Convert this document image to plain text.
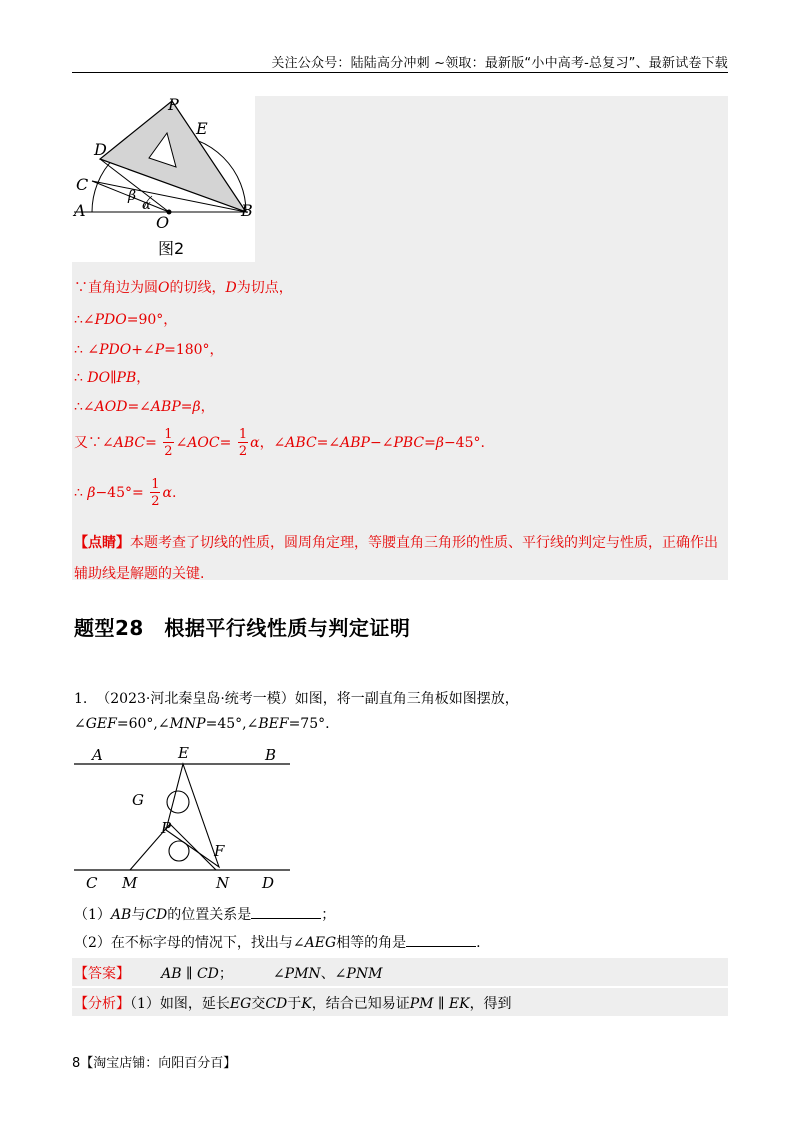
关注公众号：陆陆高分冲刺 ~领取：最新版“小中高考-总复习”、最新试卷下载
P
E
D
C
A	B
O
β
α
图2
∵直角边为圆O的切线，D为切点，
∴∠PDO=90°，
∴ ∠PDO+∠P=180°，
∴ DO∥PB，
∴∠AOD=∠ABP=β，
又∵∠ABC= $\frac{1}{2}$ ∠AOC= $\frac{1}{2}$ α，∠ABC=∠ABP−∠PBC=β−45°.
∴ $\beta-45^\circ= \frac{1}{2} \alpha$.
【点睛】本题考查了切线的性质，圆周角定理，等腰直角三角形的性质、平行线的判定与性质，正确作出辅助线是解题的关键.
题型28　根据平行线性质与判定证明
1. （2023·河北秦皇岛·统考一模）如图，将一副直角三角板如图摆放，
∠GEF=60°,∠MNP=45°,∠BEF=75°.
A	E	B
G
P
F
C M	N D
（1）AB与CD的位置关系是	；
（2）在不标字母的情况下，找出与∠AEG相等的角是	.
【答案】 AB ∥ CD；	∠PMN、∠PNM
【分析】（1）如图，延长EG交CD于K，结合已知易证PM ∥ EK，得到
8【淘宝店铺：向阳百分百】
